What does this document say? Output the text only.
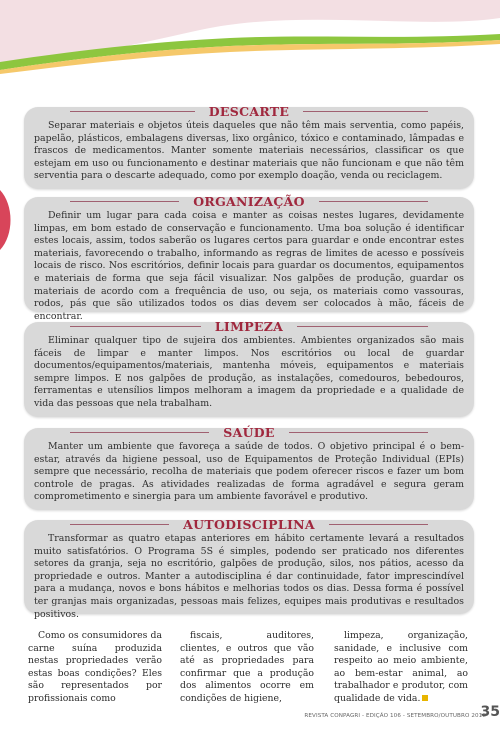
DESCARTE
Separar materiais e objetos úteis daqueles que não têm mais serventia, como papéis, papelão, plásticos, embalagens diversas, lixo orgânico, tóxico e contaminado, lâmpadas e frascos de medicamentos. Manter somente materiais necessários, classificar os que estejam em uso ou funcionamento e destinar materiais que não funcionam e que não têm serventia para o descarte adequado, como por exemplo doação, venda ou reciclagem.
ORGANIZAÇÃO
Definir um lugar para cada coisa e manter as coisas nestes lugares, devidamente limpas, em bom estado de conservação e funcionamento. Uma boa solução é identificar estes locais, assim, todos saberão os lugares certos para guardar e onde encontrar estes materiais, favorecendo o trabalho, informando as regras de limites de acesso e possíveis locais de risco. Nos escritórios, definir locais para guardar os documentos, equipamentos e materiais de forma que seja fácil visualizar. Nos galpões de produção, guardar os materiais de acordo com a frequência de uso, ou seja, os materiais como vassouras, rodos, pás que são utilizados todos os dias devem ser colocados à mão, fáceis de encontrar.
LIMPEZA
Eliminar qualquer tipo de sujeira dos ambientes. Ambientes organizados são mais fáceis de limpar e manter limpos. Nos escritórios ou local de guardar documentos/equipamentos/materiais, mantenha móveis, equipamentos e materiais sempre limpos. E nos galpões de produção, as instalações, comedouros, bebedouros, ferramentas e utensílios limpos melhoram a imagem da propriedade e a qualidade de vida das pessoas que nela trabalham.
SAÚDE
Manter um ambiente que favoreça a saúde de todos. O objetivo principal é o bem-estar, através da higiene pessoal, uso de Equipamentos de Proteção Individual (EPIs) sempre que necessário, recolha de materiais que podem oferecer riscos e fazer um bom controle de pragas. As atividades realizadas de forma agradável e segura geram comprometimento e sinergia para um ambiente favorável e produtivo.
AUTODISCIPLINA
Transformar as quatro etapas anteriores em hábito certamente levará a resultados muito satisfatórios. O Programa 5S é simples, podendo ser praticado nos diferentes setores da granja, seja no escritório, galpões de produção, silos, nos pátios, acesso da propriedade e outros. Manter a autodisciplina é dar continuidade, fator imprescindível para a mudança, novos e bons hábitos e melhorias todos os dias. Dessa forma é possível ter granjas mais organizadas, pessoas mais felizes, equipes mais produtivas e resultados positivos.
Como os consumidores da carne suína produzida nestas propriedades verão estas boas condições? Eles são representados por profissionais como
fiscais, auditores, clientes, e outros que vão até as propriedades para confirmar que a produção dos alimentos ocorre em condições de higiene,
limpeza, organização, sanidade, e inclusive com respeito ao meio ambiente, ao bem-estar animal, ao trabalhador e produtor, com qualidade de vida.
REVISTA CONPAGRI - EDIÇÃO 106 - SETEMBRO/OUTUBRO 2018
35
